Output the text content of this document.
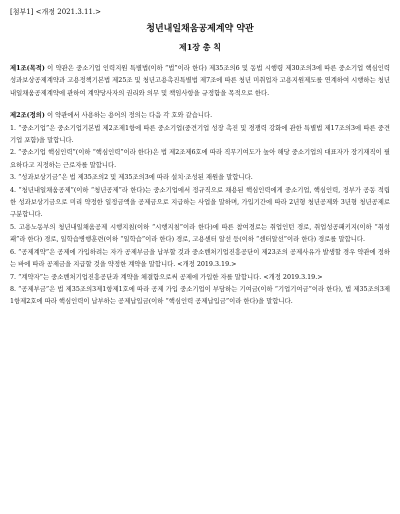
[첨부1] <개정 2021.3.11.>
청년내일채움공제계약 약관
제1장 총 칙
제1조(목적) 이 약관은 중소기업 인력지원 특별법(이하 “법”이라 한다) 제35조의6 및 동법 시행령 제30조의3에 따른 중소기업 핵심인력 성과보상공제계약과 고용정책기본법 제25조 및 청년고용촉진특별법 제7조에 따른 청년 미취업자 고용지원제도를 연계하여 시행하는 청년내일채움공제계약에 관하여 계약당사자의 권리와 의무 및 책임사항을 규정함을 목적으로 한다.
제2조(정의) 이 약관에서 사용하는 용어의 정의는 다음 각 호와 같습니다.
1. “중소기업”은 중소기업기본법 제2조제1항에 따른 중소기업(중견기업 성장 촉진 및 경쟁력 강화에 관한 특별법 제17조의3에 따른 중견기업 포함)을 말합니다.
2. “중소기업 핵심인력”(이하 “핵심인력”이라 한다)은 법 제2조제6호에 따라 직무기여도가 높아 해당 중소기업의 대표자가 장기재직이 필요하다고 지정하는 근로자를 말합니다.
3. “성과보상기금”은 법 제35조의2 및 제35조의3에 따라 설치·조성된 재원을 말합니다.
4. “청년내일채움공제”(이하 “청년공제”라 한다)는 중소기업에서 정규직으로 채용된 핵심인력에게 중소기업, 핵심인력, 정부가 공동 적립한 성과보상기금으로 미리 약정한 일정금액을 공제금으로 지급하는 사업을 말하며, 가입기간에 따라 2년형 청년공제와 3년형 청년공제로 구분합니다.
5. 고용노동부의 청년내일채움공제 시행지침(이하 “시행지침”이라 한다)에 따른 참여경로는 취업인턴 경로, 취업성공패키지(이하 “취성패”라 한다) 경로, 일학습병행훈련(이하 “일학습”이라 한다) 경로, 고용센터 알선 등(이하 “센터알선”이라 한다) 경로를 말합니다.
6. “공제계약”은 공제에 가입하려는 자가 공제부금을 납부할 것과 중소벤처기업진흥공단이 제23조의 공제사유가 발생할 경우 약관에 정하는 바에 따라 공제금을 지급할 것을 약정한 계약을 말합니다. <개정 2019.3.19.>
7. “계약자”는 중소벤처기업진흥공단과 계약을 체결함으로써 공제에 가입한 자를 말합니다. <개정 2019.3.19.>
8. “공제부금”은 법 제35조의3제1항제1호에 따라 공제 가입 중소기업이 부담하는 기여금(이하 “기업기여금”이라 한다), 법 제35조의3제1항제2호에 따라 핵심인력이 납부하는 공제납입금(이하 “핵심인력 공제납입금”이라 한다)을 말합니다.
